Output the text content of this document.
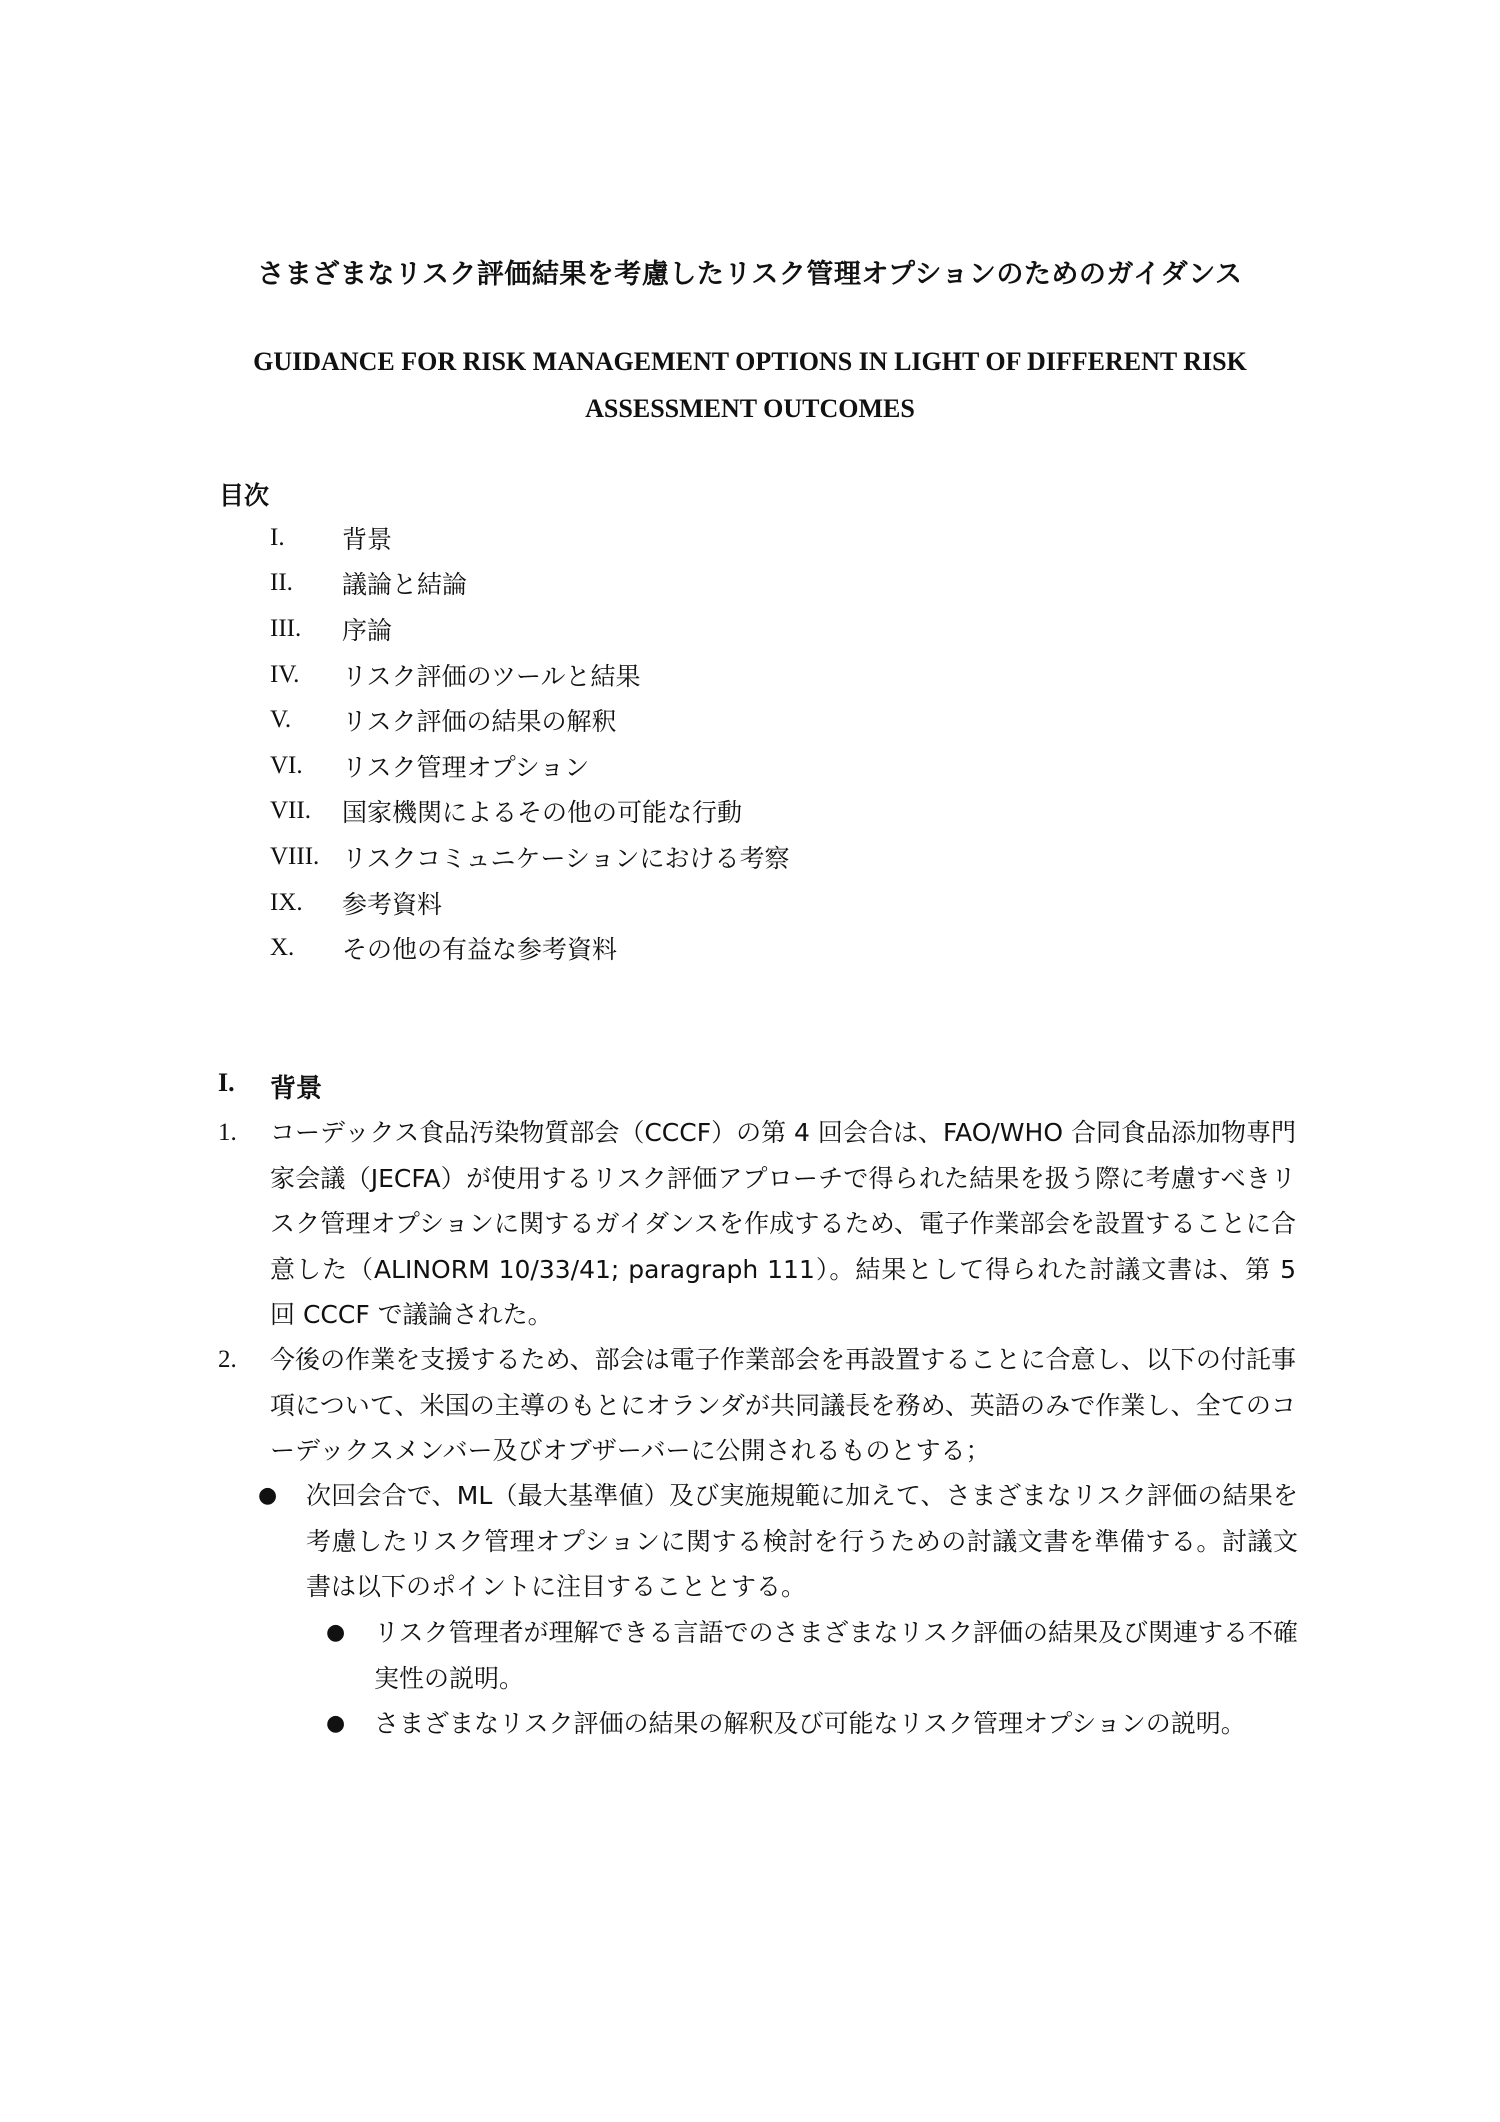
さまざまなリスク評価結果を考慮したリスク管理オプションのためのガイダンス
GUIDANCE FOR RISK MANAGEMENT OPTIONS IN LIGHT OF DIFFERENT RISK ASSESSMENT OUTCOMES
目次
I.	背景
II.	議論と結論
III.	序論
IV.	リスク評価のツールと結果
V.	リスク評価の結果の解釈
VI.	リスク管理オプション
VII.	国家機関によるその他の可能な行動
VIII. リスクコミュニケーションにおける考察
IX.	参考資料
X.	その他の有益な参考資料
I.	背景
1.	コーデックス食品汚染物質部会（CCCF）の第 4 回会合は、FAO/WHO 合同食品添加物専門家会議（JECFA）が使用するリスク評価アプローチで得られた結果を扱う際に考慮すべきリスク管理オプションに関するガイダンスを作成するため、電子作業部会を設置することに合意した（ALINORM 10/33/41; paragraph 111）。結果として得られた討議文書は、第 5 回 CCCF で議論された。
2.	今後の作業を支援するため、部会は電子作業部会を再設置することに合意し、以下の付託事項について、米国の主導のもとにオランダが共同議長を務め、英語のみで作業し、全てのコーデックスメンバー及びオブザーバーに公開されるものとする；
●	次回会合で、ML（最大基準値）及び実施規範に加えて、さまざまなリスク評価の結果を考慮したリスク管理オプションに関する検討を行うための討議文書を準備する。討議文書は以下のポイントに注目することとする。
●	リスク管理者が理解できる言語でのさまざまなリスク評価の結果及び関連する不確実性の説明。
●	さまざまなリスク評価の結果の解釈及び可能なリスク管理オプションの説明。
